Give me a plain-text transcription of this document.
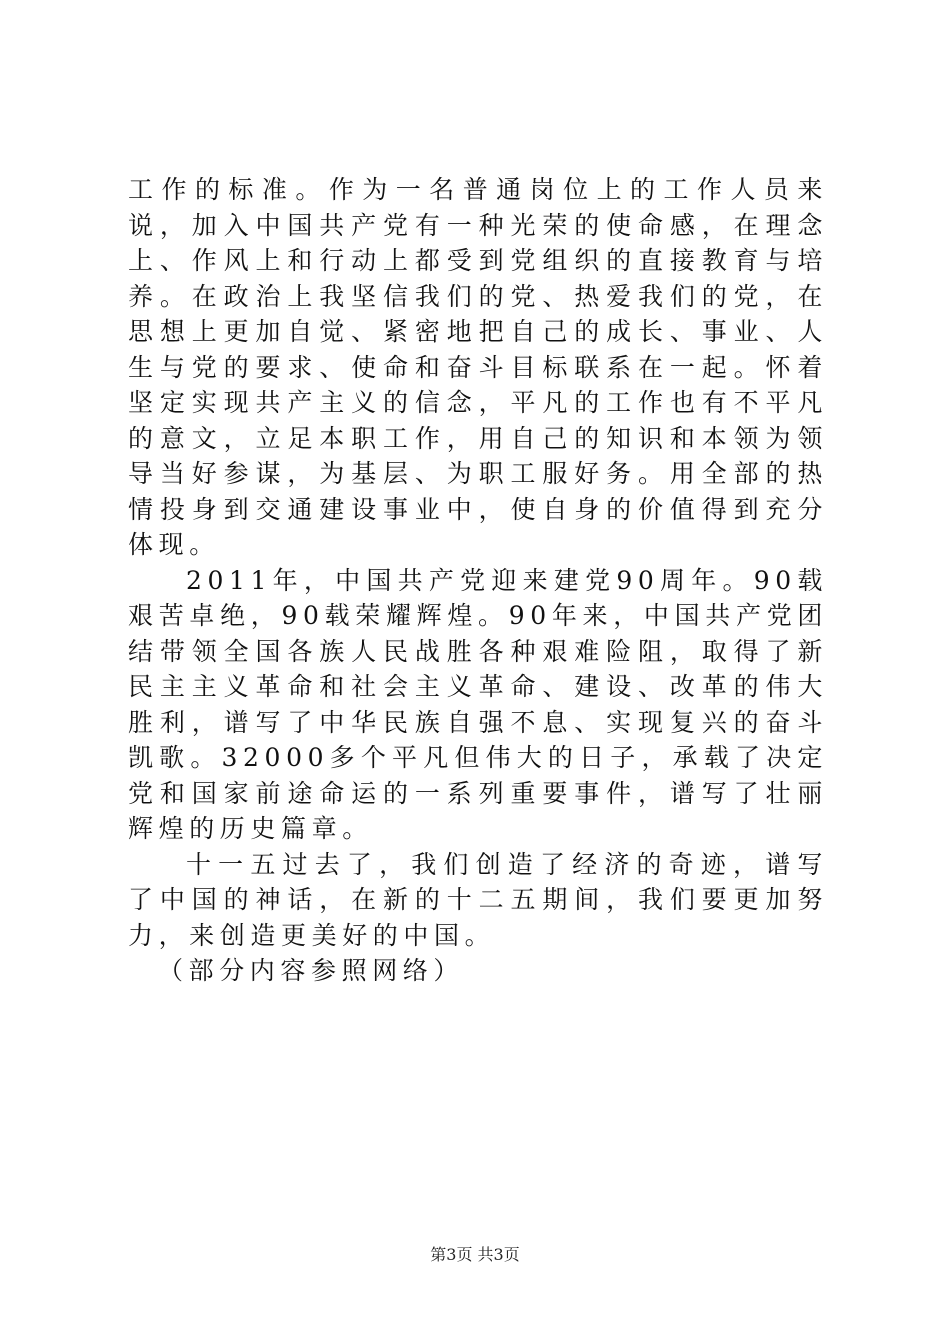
工作的标准。作为一名普通岗位上的工作人员来说，加入中国共产党有一种光荣的使命感，在理念上、作风上和行动上都受到党组织的直接教育与培养。在政治上我坚信我们的党、热爱我们的党，在思想上更加自觉、紧密地把自己的成长、事业、人生与党的要求、使命和奋斗目标联系在一起。怀着坚定实现共产主义的信念，平凡的工作也有不平凡的意文，立足本职工作，用自己的知识和本领为领导当好参谋，为基层、为职工服好务。用全部的热情投身到交通建设事业中，使自身的价值得到充分体现。

2011年，中国共产党迎来建党90周年。90载艰苦卓绝，90载荣耀辉煌。90年来，中国共产党团结带领全国各族人民战胜各种艰难险阻，取得了新民主主义革命和社会主义革命、建设、改革的伟大胜利，谱写了中华民族自强不息、实现复兴的奋斗凯歌。32000多个平凡但伟大的日子，承载了决定党和国家前途命运的一系列重要事件，谱写了壮丽辉煌的历史篇章。

十一五过去了，我们创造了经济的奇迹，谱写了中国的神话，在新的十二五期间，我们要更加努力，来创造更美好的中国。

（部分内容参照网络）

第3页 共3页
